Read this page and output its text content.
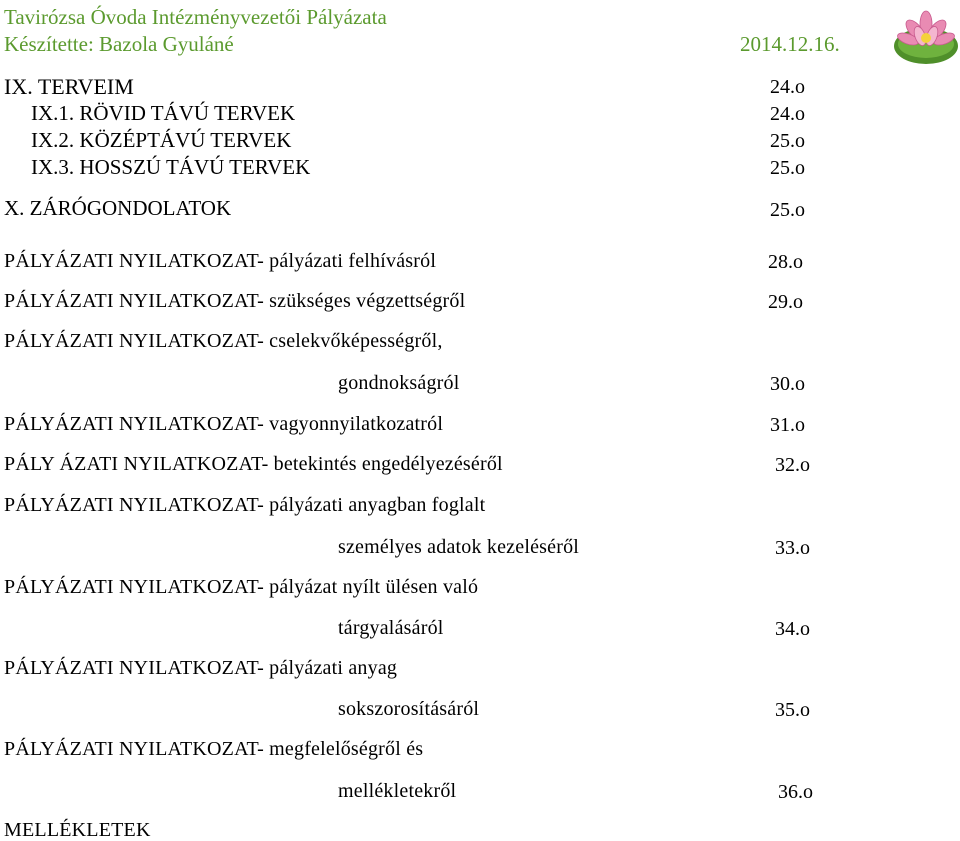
Tavirózsa Óvoda Intézményvezetői Pályázata
Készítette: Bazola Gyuláné	2014.12.16.
IX. TERVEIM	24.o
IX.1. RÖVID TÁVÚ TERVEK	24.o
IX.2. KÖZÉPTÁVÚ TERVEK	25.o
IX.3. HOSSZÚ TÁVÚ TERVEK	25.o
X. ZÁRÓGONDOLATOK	25.o
PÁLYÁZATI NYILATKOZAT- pályázati felhívásról	28.o
PÁLYÁZATI NYILATKOZAT- szükséges végzettségről	29.o
PÁLYÁZATI NYILATKOZAT- cselekvőképességről,
gondnokságról	30.o
PÁLYÁZATI NYILATKOZAT- vagyonnyilatkozatról	31.o
PÁLY ÁZATI NYILATKOZAT- betekintés engedélyezéséről	32.o
PÁLYÁZATI NYILATKOZAT- pályázati anyagban foglalt
személyes adatok kezeléséről	33.o
PÁLYÁZATI NYILATKOZAT- pályázat nyílt ülésen való
tárgyalásáról	34.o
PÁLYÁZATI NYILATKOZAT- pályázati anyag
sokszorosításáról	35.o
PÁLYÁZATI NYILATKOZAT- megfelelőségről és
mellékletekről	36.o
MELLÉKLETEK
